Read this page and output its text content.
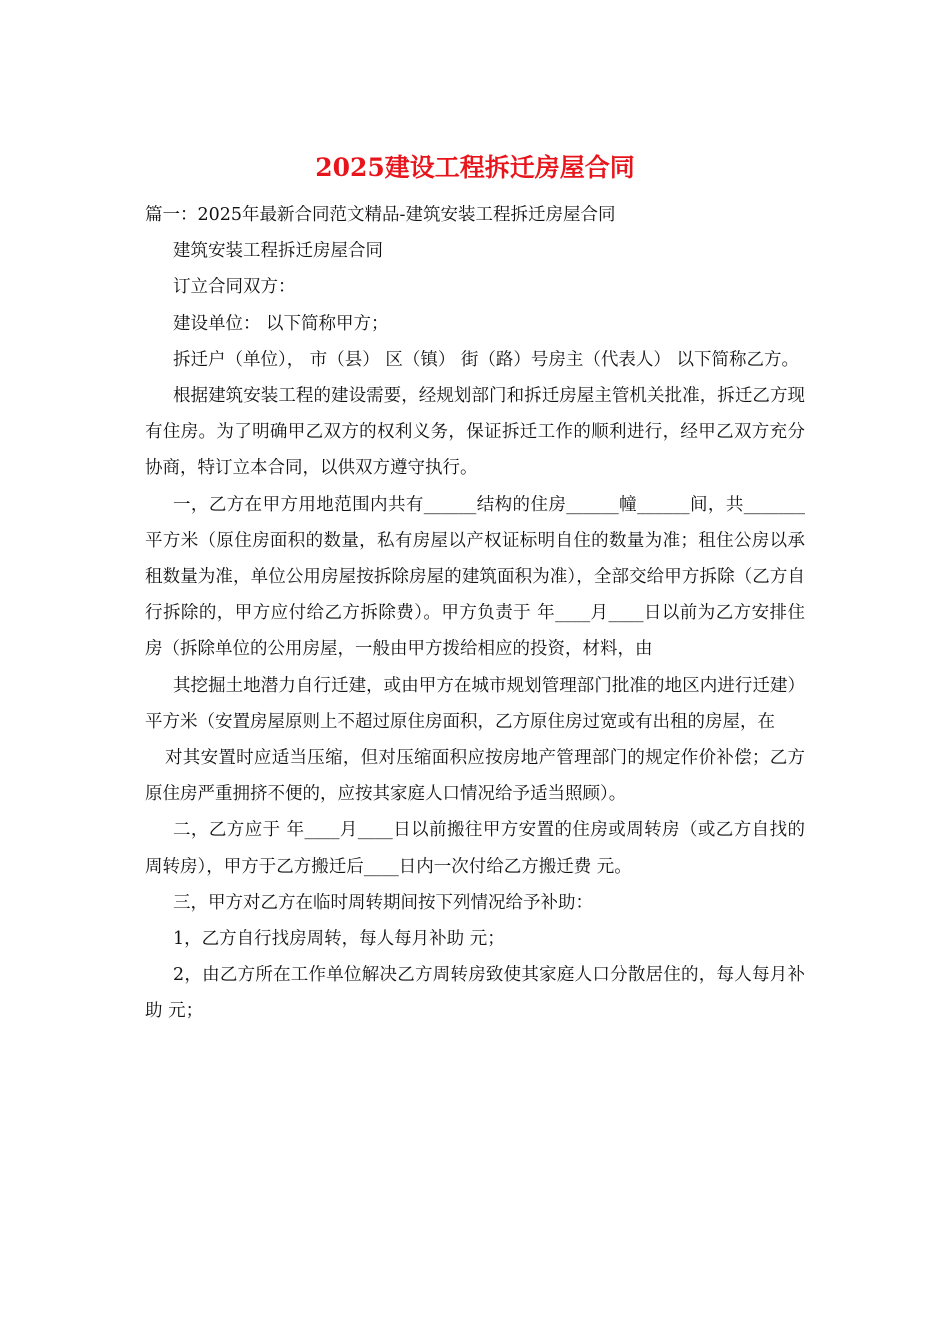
2025建设工程拆迁房屋合同

篇一：2025年最新合同范文精品-建筑安装工程拆迁房屋合同

建筑安装工程拆迁房屋合同

订立合同双方：

建设单位： 以下简称甲方；

拆迁户（单位）， 市（县） 区（镇） 街（路）号房主（代表人） 以下简称乙方。

根据建筑安装工程的建设需要，经规划部门和拆迁房屋主管机关批准，拆迁乙方现有住房。为了明确甲乙双方的权利义务，保证拆迁工作的顺利进行，经甲乙双方充分协商，特订立本合同，以供双方遵守执行。

一，乙方在甲方用地范围内共有______结构的住房______幢______间，共_______平方米（原住房面积的数量，私有房屋以产权证标明自住的数量为准；租住公房以承租数量为准，单位公用房屋按拆除房屋的建筑面积为准），全部交给甲方拆除（乙方自行拆除的，甲方应付给乙方拆除费）。甲方负责于 年____月____日以前为乙方安排住房（拆除单位的公用房屋，一般由甲方拨给相应的投资，材料，由

其挖掘土地潜力自行迁建，或由甲方在城市规划管理部门批准的地区内进行迁建） 平方米（安置房屋原则上不超过原住房面积，乙方原住房过宽或有出租的房屋，在

对其安置时应适当压缩，但对压缩面积应按房地产管理部门的规定作价补偿；乙方原住房严重拥挤不便的，应按其家庭人口情况给予适当照顾）。

二，乙方应于 年____月____日以前搬往甲方安置的住房或周转房（或乙方自找的周转房），甲方于乙方搬迁后____日内一次付给乙方搬迁费 元。

三，甲方对乙方在临时周转期间按下列情况给予补助：

1，乙方自行找房周转，每人每月补助 元；

2，由乙方所在工作单位解决乙方周转房致使其家庭人口分散居住的，每人每月补助 元；
